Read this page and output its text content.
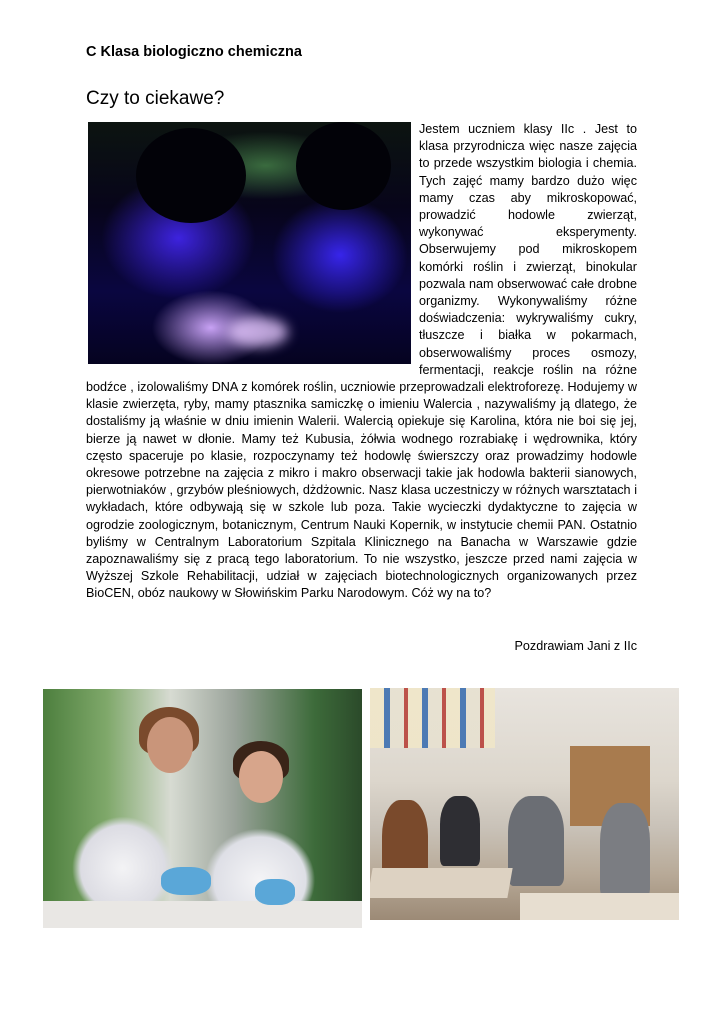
C Klasa biologiczno chemiczna
Czy to ciekawe?
Jestem uczniem klasy IIc . Jest to klasa przyrodnicza więc nasze zajęcia to przede wszystkim biologia i chemia. Tych zajęć mamy bardzo dużo więc mamy czas aby mikroskopować, prowadzić hodowle zwierząt, wykonywać eksperymenty. Obserwujemy pod mikroskopem komórki roślin i zwierząt, binokular pozwala nam obserwować całe drobne organizmy. Wykonywaliśmy różne doświadczenia: wykrywaliśmy cukry, tłuszcze i białka w pokarmach, obserwowaliśmy proces osmozy, fermentacji, reakcje roślin na różne bodźce , izolowaliśmy DNA z komórek roślin, uczniowie przeprowadzali elektroforezę. Hodujemy w klasie zwierzęta, ryby, mamy ptasznika samiczkę o imieniu Walercia , nazywaliśmy ją dlatego, że dostaliśmy ją właśnie w dniu imienin Walerii. Walercią opiekuje się Karolina, która nie boi się jej, bierze ją nawet w dłonie. Mamy też Kubusia, żółwia wodnego rozrabiakę i wędrownika, który często spaceruje po klasie, rozpoczynamy też hodowlę świerszczy oraz prowadzimy hodowle okresowe potrzebne na zajęcia z mikro i makro obserwacji takie jak hodowla bakterii sianowych, pierwotniaków , grzybów pleśniowych, dżdżownic. Nasz klasa uczestniczy w różnych warsztatach i wykładach, które odbywają się w szkole lub poza. Takie wycieczki dydaktyczne to zajęcia w ogrodzie zoologicznym, botanicznym, Centrum Nauki Kopernik, w instytucie chemii PAN. Ostatnio byliśmy w Centralnym Laboratorium Szpitala Klinicznego na Banacha w Warszawie gdzie zapoznawaliśmy się z pracą tego laboratorium. To nie wszystko, jeszcze przed nami zajęcia w Wyższej Szkole Rehabilitacji, udział w zajęciach biotechnologicznych organizowanych przez BioCEN, obóz naukowy w Słowińskim Parku Narodowym. Cóż wy na to?
Pozdrawiam Jani z IIc
